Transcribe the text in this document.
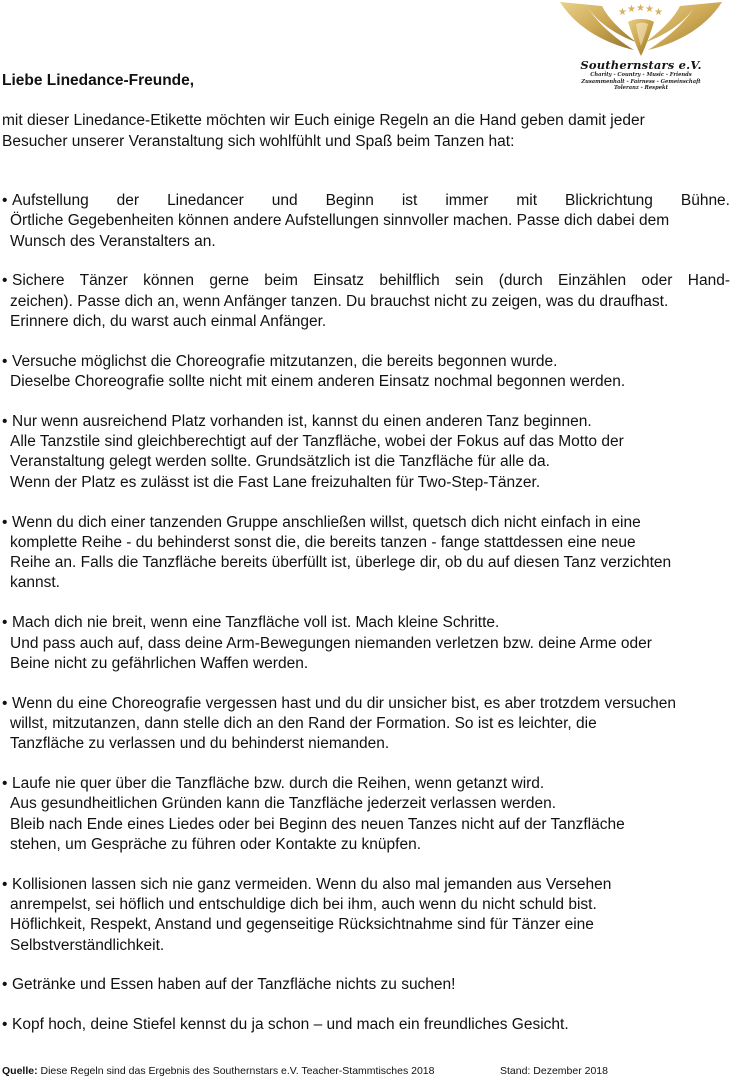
★ ★ ★ ★ ★
Southernstars e.V.
Charity - Country - Music - Friends
Zusammenhalt - Fairness - Gemeinschaft
Toleranz - Respekt

Liebe Linedance-Freunde,

mit dieser Linedance-Etikette möchten wir Euch einige Regeln an die Hand geben damit jeder
Besucher unserer Veranstaltung sich wohlfühlt und Spaß beim Tanzen hat:

• Aufstellung der Linedancer und Beginn ist immer mit Blickrichtung Bühne.
Örtliche Gegebenheiten können andere Aufstellungen sinnvoller machen. Passe dich dabei dem
Wunsch des Veranstalters an.
• Sichere Tänzer können gerne beim Einsatz behilflich sein (durch Einzählen oder Hand-
zeichen). Passe dich an, wenn Anfänger tanzen. Du brauchst nicht zu zeigen, was du draufhast.
Erinnere dich, du warst auch einmal Anfänger.
• Versuche möglichst die Choreografie mitzutanzen, die bereits begonnen wurde.
Dieselbe Choreografie sollte nicht mit einem anderen Einsatz nochmal begonnen werden.
• Nur wenn ausreichend Platz vorhanden ist, kannst du einen anderen Tanz beginnen.
Alle Tanzstile sind gleichberechtigt auf der Tanzfläche, wobei der Fokus auf das Motto der
Veranstaltung gelegt werden sollte. Grundsätzlich ist die Tanzfläche für alle da.
Wenn der Platz es zulässt ist die Fast Lane freizuhalten für Two-Step-Tänzer.
• Wenn du dich einer tanzenden Gruppe anschließen willst, quetsch dich nicht einfach in eine
komplette Reihe - du behinderst sonst die, die bereits tanzen - fange stattdessen eine neue
Reihe an. Falls die Tanzfläche bereits überfüllt ist, überlege dir, ob du auf diesen Tanz verzichten
kannst.
• Mach dich nie breit, wenn eine Tanzfläche voll ist. Mach kleine Schritte.
Und pass auch auf, dass deine Arm-Bewegungen niemanden verletzen bzw. deine Arme oder
Beine nicht zu gefährlichen Waffen werden.
• Wenn du eine Choreografie vergessen hast und du dir unsicher bist, es aber trotzdem versuchen
willst, mitzutanzen, dann stelle dich an den Rand der Formation. So ist es leichter, die
Tanzfläche zu verlassen und du behinderst niemanden.
• Laufe nie quer über die Tanzfläche bzw. durch die Reihen, wenn getanzt wird.
Aus gesundheitlichen Gründen kann die Tanzfläche jederzeit verlassen werden.
Bleib nach Ende eines Liedes oder bei Beginn des neuen Tanzes nicht auf der Tanzfläche
stehen, um Gespräche zu führen oder Kontakte zu knüpfen.
• Kollisionen lassen sich nie ganz vermeiden. Wenn du also mal jemanden aus Versehen
anrempelst, sei höflich und entschuldige dich bei ihm, auch wenn du nicht schuld bist.
Höflichkeit, Respekt, Anstand und gegenseitige Rücksichtnahme sind für Tänzer eine
Selbstverständlichkeit.
• Getränke und Essen haben auf der Tanzfläche nichts zu suchen!
• Kopf hoch, deine Stiefel kennst du ja schon – und mach ein freundliches Gesicht.
Quelle: Diese Regeln sind das Ergebnis des Southernstars e.V. Teacher-Stammtisches 2018	Stand: Dezember 2018
